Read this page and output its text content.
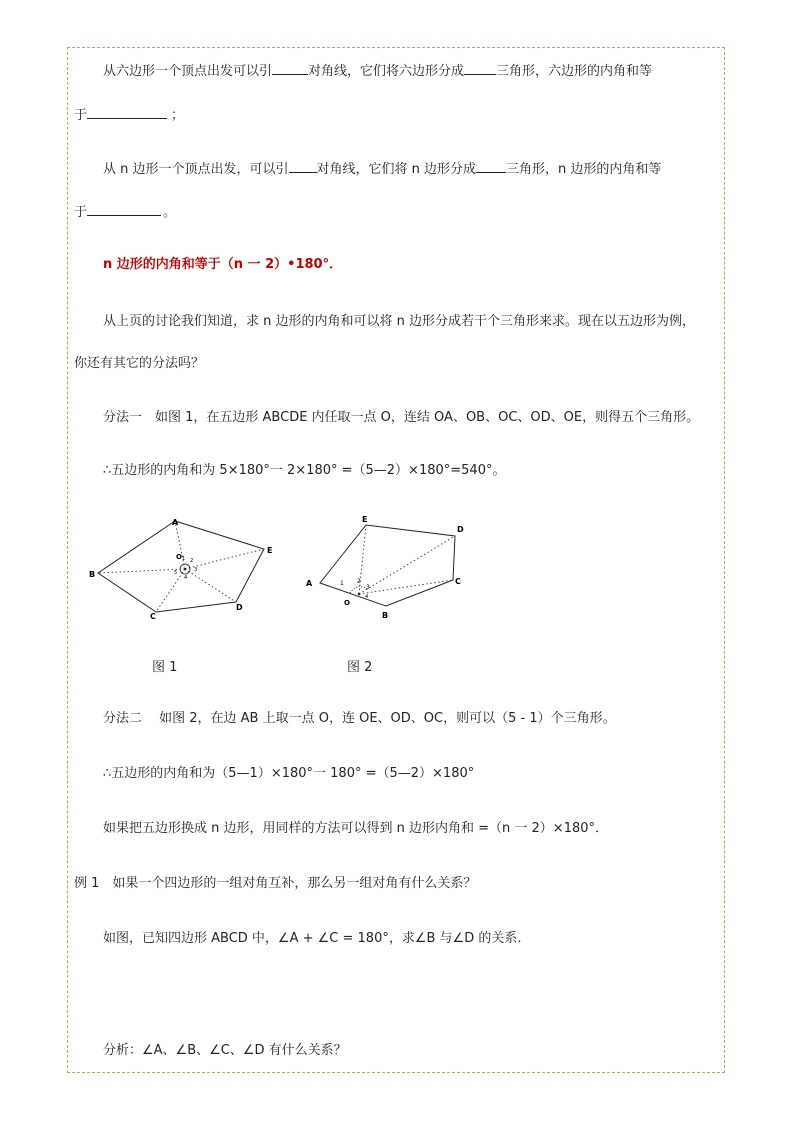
从六边形一个顶点出发可以引	对角线，它们将六边形分成 三角形，六边形的内角和等
于	；
从 n 边形一个顶点出发，可以引 对角线，它们将 n 边形分成 三角形，n 边形的内角和等
于	。
n 边形的内角和等于（n 一 2）•180°．
从上页的讨论我们知道，求 n 边形的内角和可以将 n 边形分成若干个三角形来求。现在以五边形为例，
你还有其它的分法吗？
分法一　如图 1，在五边形 ABCDE 内任取一点 O，连结 OA、OB、OC、OD、OE，则得五个三角形。
∴五边形的内角和为 5×180°一 2×180° =（5—2）×180°=540°。
A
B
C
D
E
O 1 2
3
4
5
A
B
C
D
E
O
1 2
3
4
图 1	图 2
分法二　 如图 2，在边 AB 上取一点 O，连 OE、OD、OC，则可以（5 - 1）个三角形。
∴五边形的内角和为（5—1）×180°一 180° =（5—2）×180°
如果把五边形换成 n 边形，用同样的方法可以得到 n 边形内角和 =（n 一 2）×180°．
例 1　如果一个四边形的一组对角互补，那么另一组对角有什么关系？
如图，已知四边形 ABCD 中，∠A + ∠C = 180°，求∠B 与∠D 的关系．
分析：∠A、∠B、∠C、∠D 有什么关系？
